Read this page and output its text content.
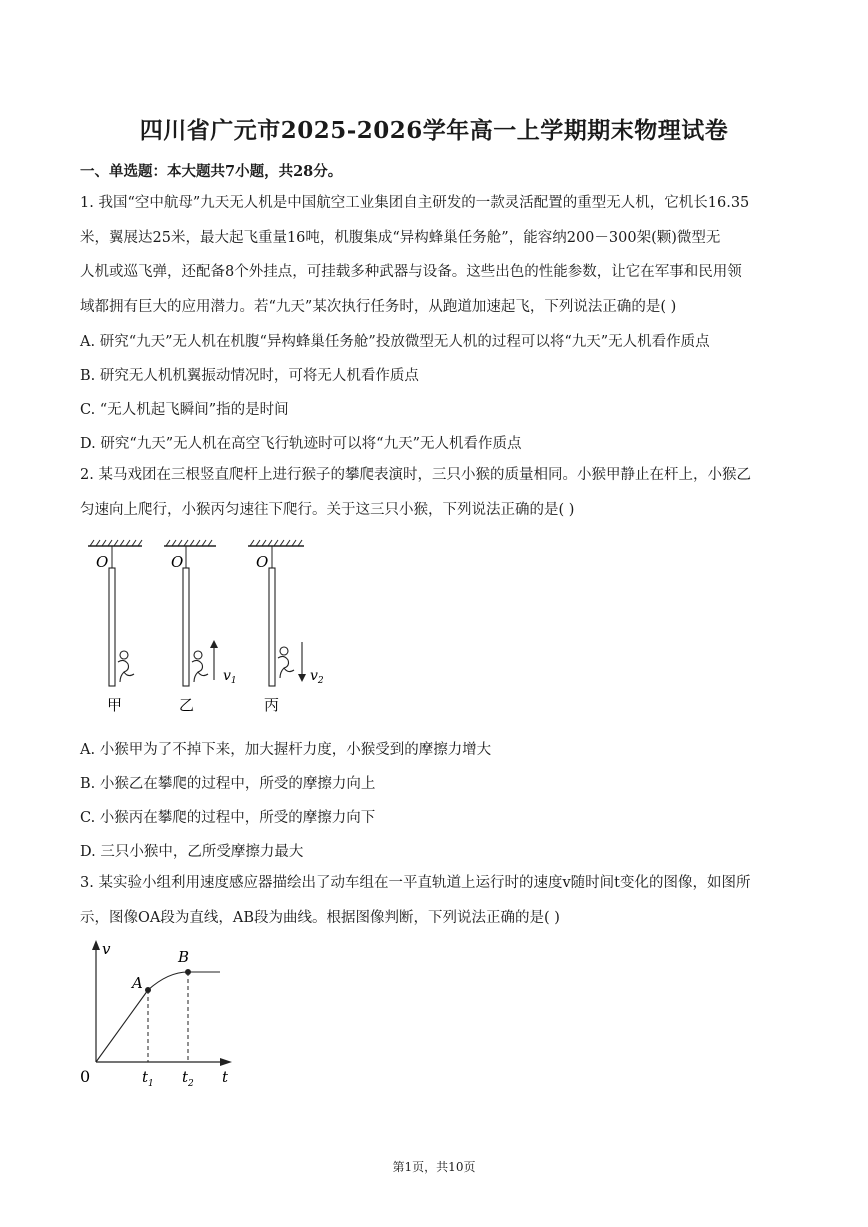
四川省广元市2025-2026学年高一上学期期末物理试卷
一、单选题：本大题共7小题，共28分。
1. 我国“空中航母”九天无人机是中国航空工业集团自主研发的一款灵活配置的重型无人机，它机长16.35
米，翼展达25米，最大起飞重量16吨，机腹集成“异构蜂巢任务舱”，能容纳200－300架(颗)微型无
人机或巡飞弹，还配备8个外挂点，可挂载多种武器与设备。这些出色的性能参数，让它在军事和民用领
域都拥有巨大的应用潜力。若“九天”某次执行任务时，从跑道加速起飞，下列说法正确的是( )
A. 研究“九天”无人机在机腹“异构蜂巢任务舱”投放微型无人机的过程可以将“九天”无人机看作质点
B. 研究无人机机翼振动情况时，可将无人机看作质点
C. “无人机起飞瞬间”指的是时间
D. 研究“九天”无人机在高空飞行轨迹时可以将“九天”无人机看作质点
2. 某马戏团在三根竖直爬杆上进行猴子的攀爬表演时，三只小猴的质量相同。小猴甲静止在杆上，小猴乙
匀速向上爬行，小猴丙匀速往下爬行。关于这三只小猴，下列说法正确的是( )
O
甲
O
$v_1$
乙
O
$v_2$
丙
A. 小猴甲为了不掉下来，加大握杆力度，小猴受到的摩擦力增大
B. 小猴乙在攀爬的过程中，所受的摩擦力向上
C. 小猴丙在攀爬的过程中，所受的摩擦力向下
D. 三只小猴中，乙所受摩擦力最大
3. 某实验小组利用速度感应器描绘出了动车组在一平直轨道上运行时的速度v随时间t变化的图像，如图所
示，图像OA段为直线，AB段为曲线。根据图像判断，下列说法正确的是( )
v
t
0
A
B
$t_1$ $t_2$
第1页，共10页
